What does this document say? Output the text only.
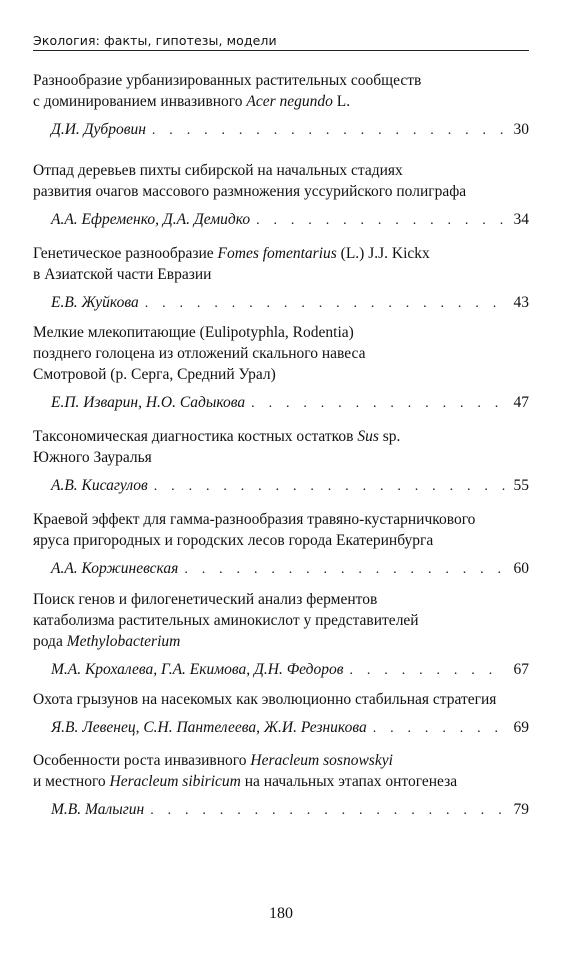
Экология: факты, гипотезы, модели
Разнообразие урбанизированных растительных сообществ
с доминированием инвазивного Acer negundo L.
Д.И. Дубровин . . .	30
Отпад деревьев пихты сибирской на начальных стадиях
развития очагов массового размножения уссурийского полиграфа
А.А. Ефременко, Д.А. Демидко . . .	34
Генетическое разнообразие Fomes fomentarius (L.) J.J. Kickx
в Азиатской части Евразии
Е.В. Жуйкова . . .	43
Мелкие млекопитающие (Eulipotyphla, Rodentia)
позднего голоцена из отложений скального навеса
Смотровой (р. Серга, Средний Урал)
Е.П. Изварин, Н.О. Садыкова . . .	47
Таксономическая диагностика костных остатков Sus sp.
Южного Зауралья
А.В. Кисагулов . . .	55
Краевой эффект для гамма-разнообразия травяно-кустарничкового
яруса пригородных и городских лесов города Екатеринбурга
А.А. Коржиневская . . .	60
Поиск генов и филогенетический анализ ферментов
катаболизма растительных аминокислот у представителей
рода Methylobacterium
М.А. Крохалева, Г.А. Екимова, Д.Н. Федоров . . .	67
Охота грызунов на насекомых как эволюционно стабильная стратегия
Я.В. Левенец, С.Н. Пантелеева, Ж.И. Резникова . . .	69
Особенности роста инвазивного Heracleum sosnowskyi
и местного Heracleum sibiricum на начальных этапах онтогенеза
М.В. Малыгин . . .	79
180
